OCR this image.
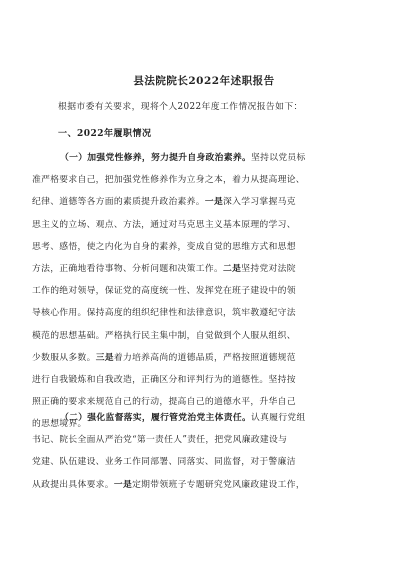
县法院院长2022年述职报告
根据市委有关要求，现将个人2022年度工作情况报告如下：
一、2022年履职情况
（一）加强党性修养，努力提升自身政治素养。坚持以党员标
准严格要求自己，把加强党性修养作为立身之本，着力从提高理论、
纪律、道德等各方面的素质提升政治素养。一是深入学习掌握马克
思主义的立场、观点、方法，通过对马克思主义基本原理的学习、
思考、感悟，使之内化为自身的素养，变成自觉的思维方式和思想
方法，正确地看待事物、分析问题和决策工作。二是坚持党对法院
工作的绝对领导，保证党的高度统一性、发挥党在班子建设中的领
导核心作用。保持高度的组织纪律性和法律意识，筑牢教遵纪守法
模范的思想基础。严格执行民主集中制，自觉做到个人服从组织、
少数服从多数。三是着力培养高尚的道德品质，严格按照道德规范
进行自我锻炼和自我改造，正确区分和评判行为的道德性。坚持按
照正确的要求来规范自己的行动，提高自己的道德水平，升华自己
的思想境界。
（二）强化监督落实，履行管党治党主体责任。认真履行党组
书记、院长全面从严治党“第一责任人”责任，把党风廉政建设与
党建、队伍建设、业务工作同部署、同落实、同监督，对于警廉洁
从政提出具体要求。一是定期带领班子专题研究党风廉政建设工作，
